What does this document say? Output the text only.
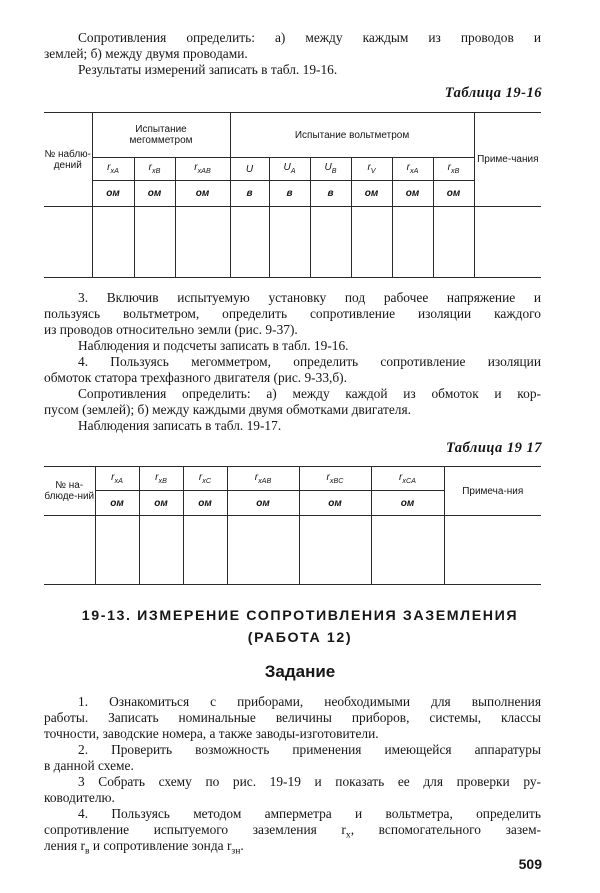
Сопротивления определить: а) между каждым из проводов и

землей; б) между двумя проводами.

Результаты измерений записать в табл. 19-16.

Таблица 19-16
№ наблю-дений	Испытание мегомметром			Испытание вольтметром						Приме-чания
	$r_{xA}$	$r_{xB}$	$r_{xAB}$	U	$U_A$	$U_B$	$r_V$	$r_{xA}$	$r_{xB}$
	ом	ом	ом	в	в	в	ом	ом	ом	

3. Включив испытуемую установку под рабочее напряжение и

пользуясь вольтметром, определить сопротивление изоляции каждого

из проводов относительно земли (рис. 9-37).

Наблюдения и подсчеты записать в табл. 19-16.

4. Пользуясь мегомметром, определить сопротивление изоляции

обмоток статора трехфазного двигателя (рис. 9-33,б).

Сопротивления определить: а) между каждой из обмоток и кор-

пусом (землей); б) между каждыми двумя обмотками двигателя.

Наблюдения записать в табл. 19-17.

Таблица 19 17
№ на-блюде-ний	$r_{xA}$	$r_{xB}$	$r_{xC}$	$r_{xAB}$	$r_{xBC}$	$r_{xCA}$	Примеча-ния
	ом	ом	ом	ом	ом	ом	

19-13. ИЗМЕРЕНИЕ СОПРОТИВЛЕНИЯ ЗАЗЕМЛЕНИЯ
(РАБОТА 12)
Задание

1. Ознакомиться с приборами, необходимыми для выполнения

работы. Записать номинальные величины приборов, системы, классы

точности, заводские номера, а также заводы-изготовители.

2. Проверить возможность применения имеющейся аппаратуры

в данной схеме.

3 Собрать схему по рис. 19-19 и показать ее для проверки ру-

ководителю.

4. Пользуясь методом амперметра и вольтметра, определить

сопротивление испытуемого заземления $r_x$, вспомогательного зазем-

ления $r_в$ и сопротивление зонда $r_{зн}$.

509
